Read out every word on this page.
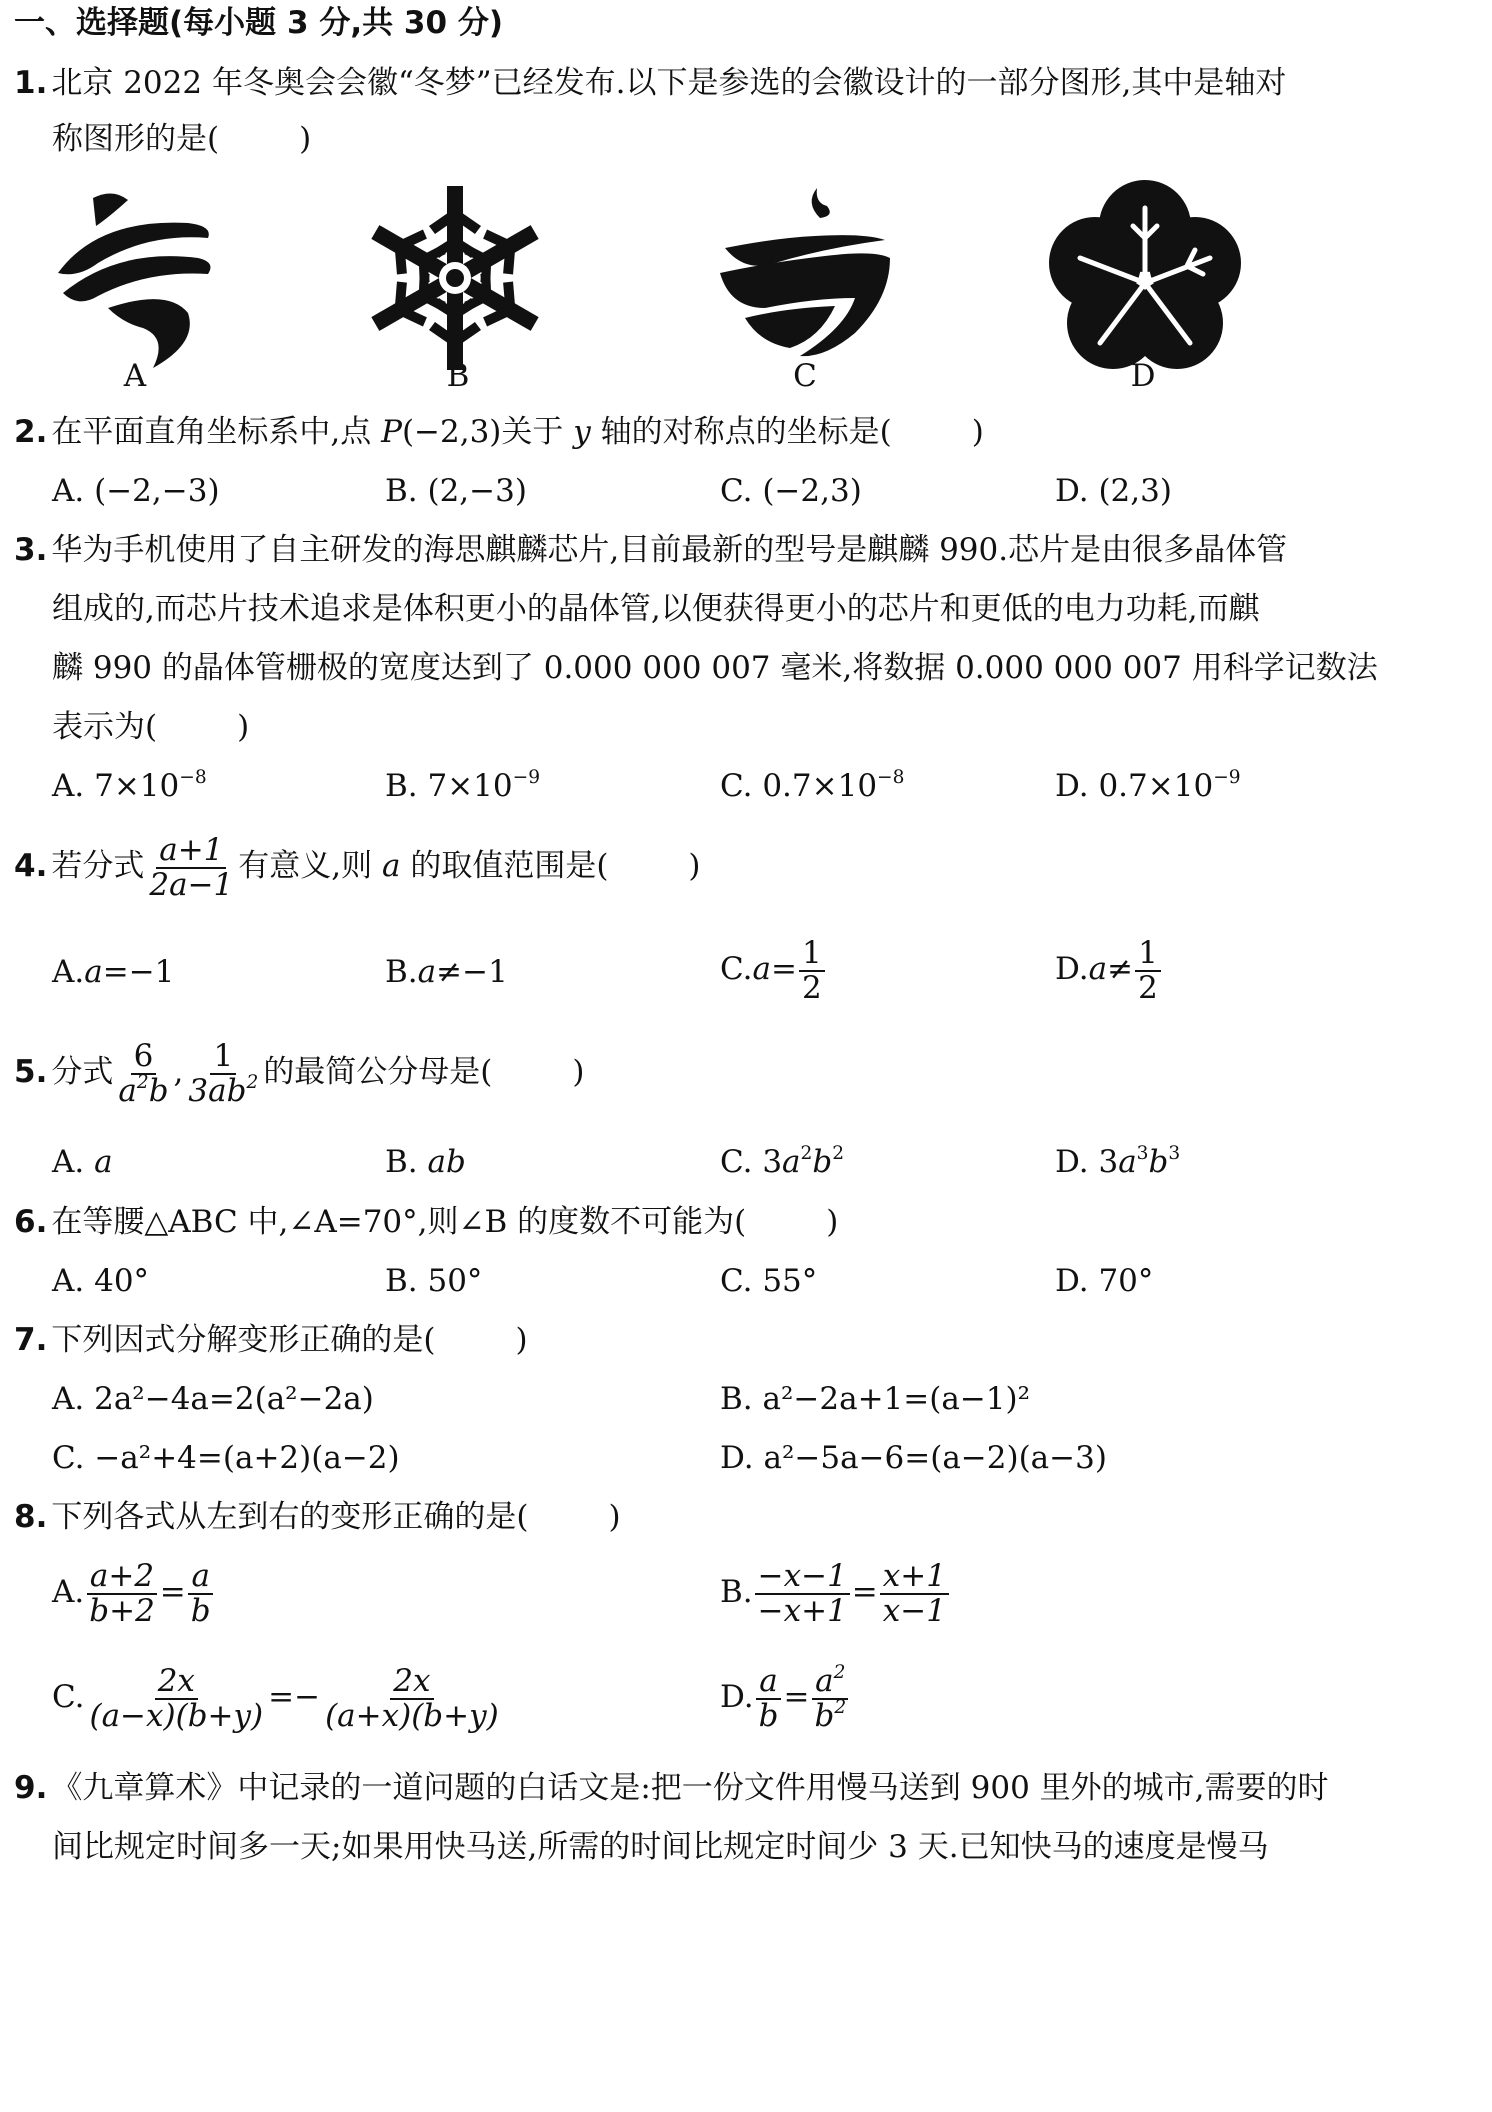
一、选择题(每小题 3 分,共 30 分)
1. 北京 2022 年冬奥会会徽“冬梦”已经发布.以下是参选的会徽设计的一部分图形,其中是轴对
称图形的是(	)
A	B	C	D
2. 在平面直角坐标系中,点 P(−2,3)关于 y 轴的对称点的坐标是(	)
A. (−2,−3)	B. (2,−3)	C. (−2,3)	D. (2,3)
3. 华为手机使用了自主研发的海思麒麟芯片,目前最新的型号是麒麟 990.芯片是由很多晶体管
组成的,而芯片技术追求是体积更小的晶体管,以便获得更小的芯片和更低的电力功耗,而麒
麟 990 的晶体管栅极的宽度达到了 0.000 000 007 毫米,将数据 0.000 000 007 用科学记数法
表示为(	)
A. $7\times 10^{-8}$	B. $7\times 10^{-9}$	C. $0.7\times 10^{-8}$	D. $0.7\times 10^{-9}$
4. 若分式 $\frac{a+1}{2a-1}$ 有意义,则 a 的取值范围是(	)
A.a=−1	B.a≠−1	$C.a= \frac{1}{2}$	$D.a\ne \frac{1}{2}$
5. 分式 $\frac{6}{a^2b}$ , $\frac{1}{3ab^2}$ 的最简公分母是(	)
A. a	B. ab	C. $3a^2b^2$	D. $3a^3b^3$
6. 在等腰△ABC 中,∠A=70°,则∠B 的度数不可能为(	)
A. 40°	B. 50°	C. 55°	D. 70°
7. 下列因式分解变形正确的是(	)
A. 2a²−4a=2(a²−2a)	B. a²−2a+1=(a−1)²
C. −a²+4=(a+2)(a−2)	D. a²−5a−6=(a−2)(a−3)
8. 下列各式从左到右的变形正确的是(	)
A. $\frac{a+2}{b+2} = \frac{a}{b}$	B. $\frac{-x-1}{-x+1} = \frac{x+1}{x-1}$
C. $\frac{2x}{(a-x)(b+y)} =- \frac{2x}{(a+x)(b+y)}$	D. $\frac{a}{b} = \frac{a^2}{b^2}$
9. 《九章算术》中记录的一道问题的白话文是:把一份文件用慢马送到 900 里外的城市,需要的时
间比规定时间多一天;如果用快马送,所需的时间比规定时间少 3 天.已知快马的速度是慢马
